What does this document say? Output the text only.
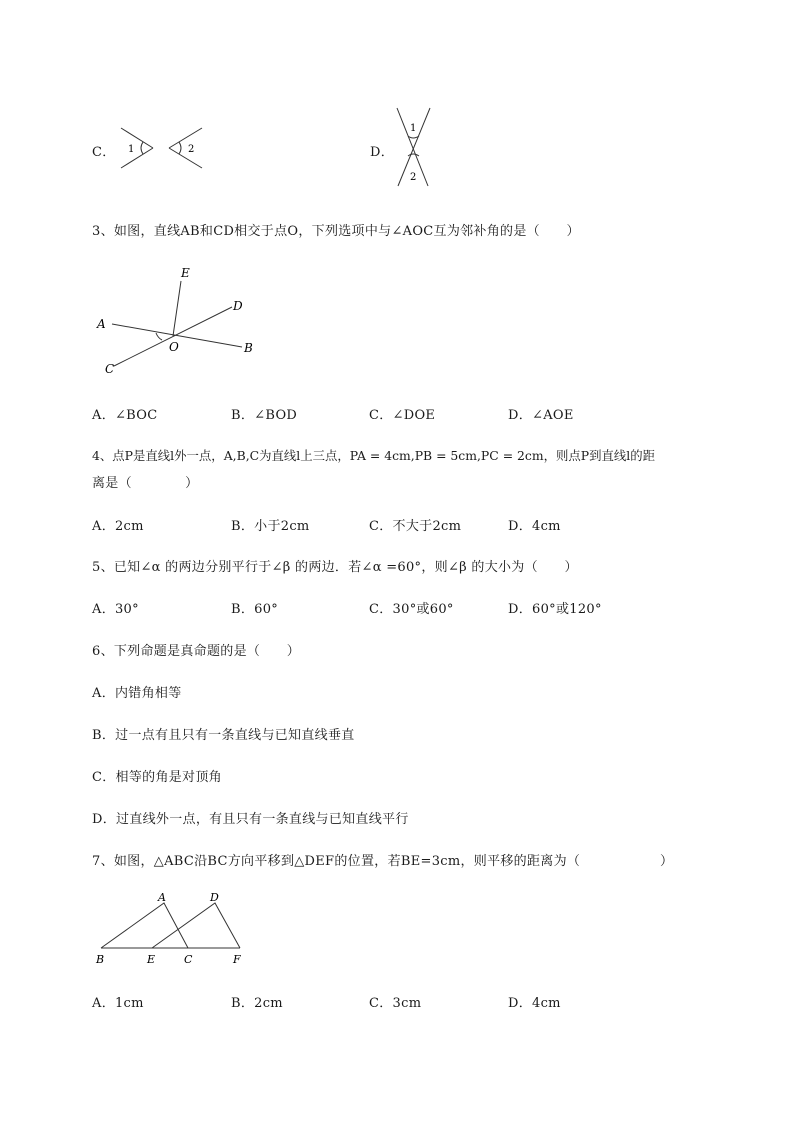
C． 1	2	D．
1
2
3、如图，直线AB和CD相交于点O，下列选项中与∠AOC互为邻补角的是（　　）
E
D
A
O	B
C
A．∠BOC	B．∠BOD	C．∠DOE	D．∠AOE
4、点P是直线l外一点，A,B,C为直线l上三点，PA = 4cm,PB = 5cm,PC = 2cm，则点P到直线l的距
离是（　　　　）
A．2cm	B．小于2cm	C．不大于2cm	D．4cm
5、已知∠α 的两边分别平行于∠β 的两边．若∠α =60°，则∠β 的大小为（　　）
A．30°	B．60°	C．30°或60°	D．60°或120°
6、下列命题是真命题的是（　　）
A．内错角相等
B．过一点有且只有一条直线与已知直线垂直
C．相等的角是对顶角
D．过直线外一点，有且只有一条直线与已知直线平行
7、如图，△ABC沿BC方向平移到△DEF的位置，若BE=3cm，则平移的距离为（　　　　　　）
A	D
B	E	C	F
A．1cm	B．2cm	C．3cm	D．4cm
